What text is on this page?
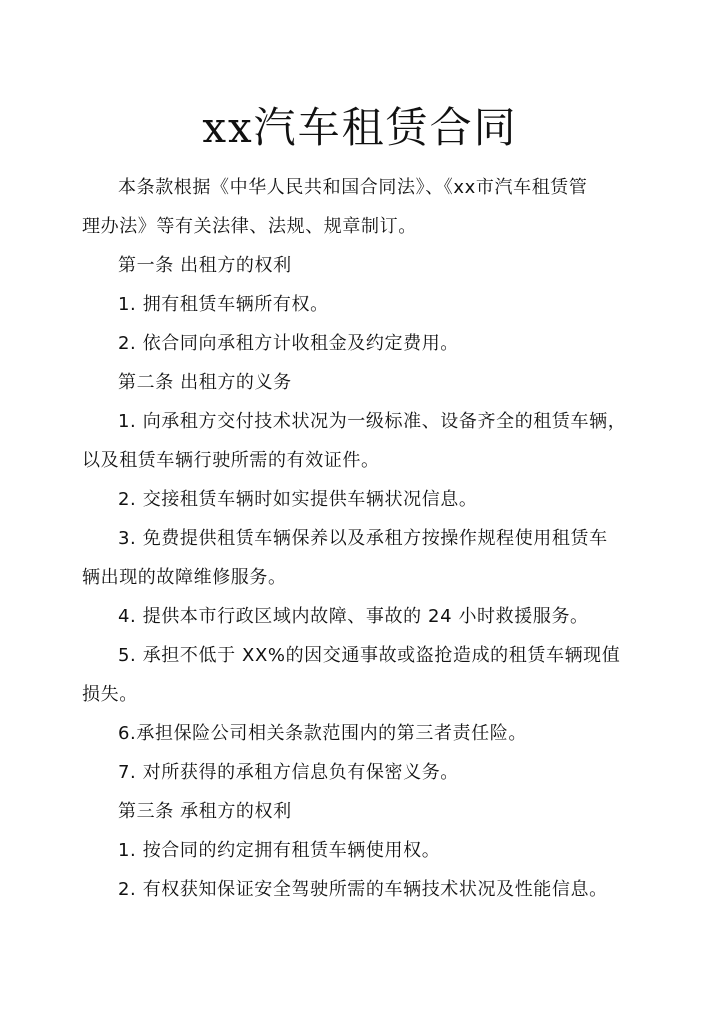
xx汽车租赁合同
本条款根据《中华人民共和国合同法》、《xx市汽车租赁管
理办法》等有关法律、法规、规章制订。
第一条 出租方的权利
1. 拥有租赁车辆所有权。
2. 依合同向承租方计收租金及约定费用。
第二条 出租方的义务
1. 向承租方交付技术状况为一级标准、设备齐全的租赁车辆，
以及租赁车辆行驶所需的有效证件。
2. 交接租赁车辆时如实提供车辆状况信息。
3. 免费提供租赁车辆保养以及承租方按操作规程使用租赁车
辆出现的故障维修服务。
4. 提供本市行政区域内故障、事故的 24 小时救援服务。
5. 承担不低于 XX%的因交通事故或盗抢造成的租赁车辆现值
损失。
6.承担保险公司相关条款范围内的第三者责任险。
7. 对所获得的承租方信息负有保密义务。
第三条 承租方的权利
1. 按合同的约定拥有租赁车辆使用权。
2. 有权获知保证安全驾驶所需的车辆技术状况及性能信息。
